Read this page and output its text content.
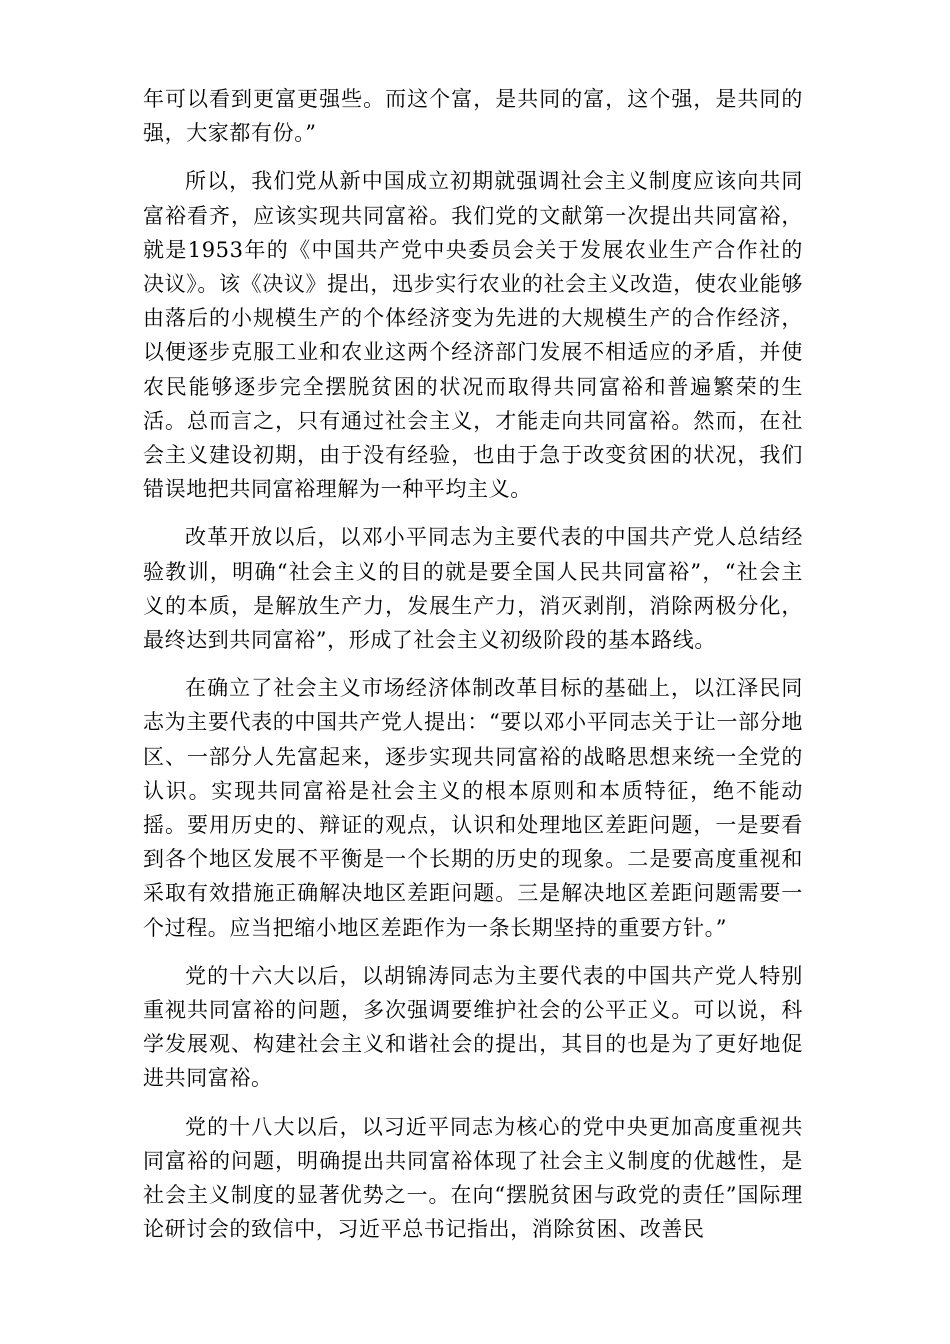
年可以看到更富更强些。而这个富，是共同的富，这个强，是共同的强，大家都有份。”

所以，我们党从新中国成立初期就强调社会主义制度应该向共同富裕看齐，应该实现共同富裕。我们党的文献第一次提出共同富裕，就是1953年的《中国共产党中央委员会关于发展农业生产合作社的决议》。该《决议》提出，迅步实行农业的社会主义改造，使农业能够由落后的小规模生产的个体经济变为先进的大规模生产的合作经济，以便逐步克服工业和农业这两个经济部门发展不相适应的矛盾，并使农民能够逐步完全摆脱贫困的状况而取得共同富裕和普遍繁荣的生活。总而言之，只有通过社会主义，才能走向共同富裕。然而，在社会主义建设初期，由于没有经验，也由于急于改变贫困的状况，我们错误地把共同富裕理解为一种平均主义。

改革开放以后，以邓小平同志为主要代表的中国共产党人总结经验教训，明确“社会主义的目的就是要全国人民共同富裕”，“社会主义的本质，是解放生产力，发展生产力，消灭剥削，消除两极分化，最终达到共同富裕”，形成了社会主义初级阶段的基本路线。

在确立了社会主义市场经济体制改革目标的基础上，以江泽民同志为主要代表的中国共产党人提出：“要以邓小平同志关于让一部分地区、一部分人先富起来，逐步实现共同富裕的战略思想来统一全党的认识。实现共同富裕是社会主义的根本原则和本质特征，绝不能动摇。要用历史的、辩证的观点，认识和处理地区差距问题，一是要看到各个地区发展不平衡是一个长期的历史的现象。二是要高度重视和采取有效措施正确解决地区差距问题。三是解决地区差距问题需要一个过程。应当把缩小地区差距作为一条长期坚持的重要方针。”

党的十六大以后，以胡锦涛同志为主要代表的中国共产党人特别重视共同富裕的问题，多次强调要维护社会的公平正义。可以说，科学发展观、构建社会主义和谐社会的提出，其目的也是为了更好地促进共同富裕。

党的十八大以后，以习近平同志为核心的党中央更加高度重视共同富裕的问题，明确提出共同富裕体现了社会主义制度的优越性，是社会主义制度的显著优势之一。在向“摆脱贫困与政党的责任”国际理论研讨会的致信中，习近平总书记指出，消除贫困、改善民
